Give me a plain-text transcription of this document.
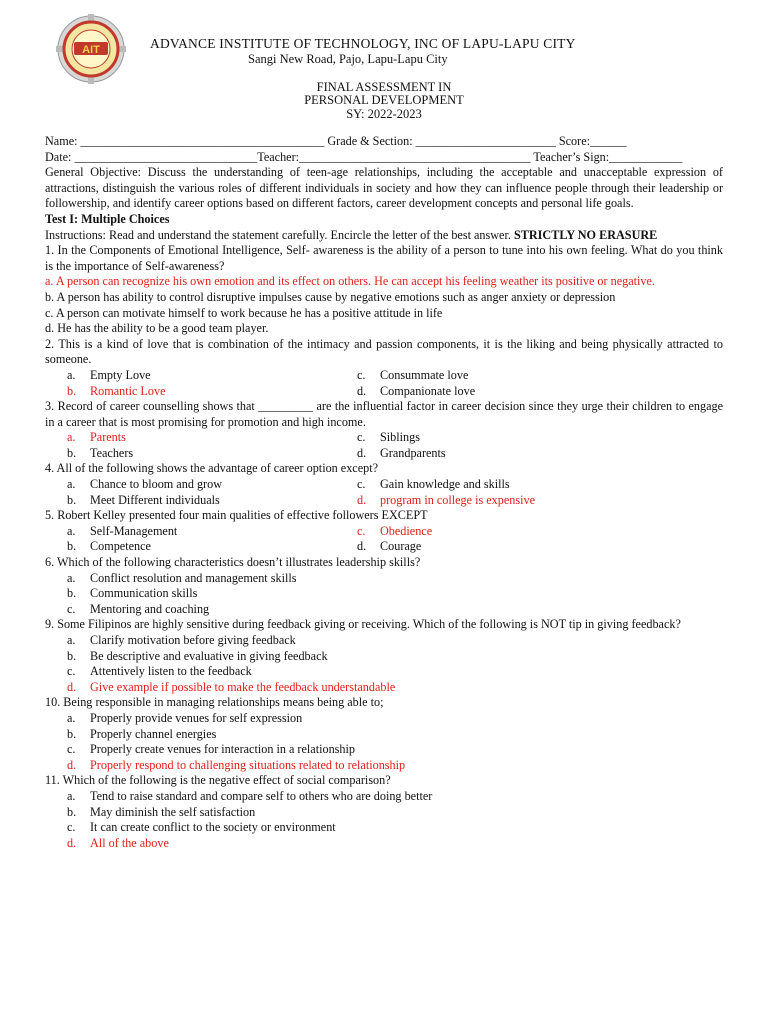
AIT	ADVANCE INSTITUTE OF TECHNOLOGY, INC OF LAPU-LAPU CITY
Sangi New Road, Pajo, Lapu-Lapu City
FINAL ASSESSMENT IN
PERSONAL DEVELOPMENT
SY: 2022-2023
Name: ________________________________________ Grade & Section: _______________________ Score:______
Date: ______________________________Teacher:______________________________________ Teacher’s Sign:____________
General Objective: Discuss the understanding of teen-age relationships, including the acceptable and unacceptable expression of attractions, distinguish the various roles of different individuals in society and how they can influence people through their leadership or followership, and identify career options based on different factors, career development concepts and personal life goals.
Test I: Multiple Choices
Instructions: Read and understand the statement carefully. Encircle the letter of the best answer. STRICTLY NO ERASURE
1. In the Components of Emotional Intelligence, Self- awareness is the ability of a person to tune into his own feeling. What do you think is the importance of Self-awareness?
a. A person can recognize his own emotion and its effect on others. He can accept his feeling weather its positive or negative.
b. A person has ability to control disruptive impulses cause by negative emotions such as anger anxiety or depression
c. A person can motivate himself to work because he has a positive attitude in life
d. He has the ability to be a good team player.
2. This is a kind of love that is combination of the intimacy and passion components, it is the liking and being physically attracted to someone.
a.	Empty Love	c.	Consummate love
b.	Romantic Love	d.	Companionate love
3. Record of career counselling shows that _________ are the influential factor in career decision since they urge their children to engage in a career that is most promising for promotion and high income.
a.	Parents	c.	Siblings
b.	Teachers	d.	Grandparents
4. All of the following shows the advantage of career option except?
a.	Chance to bloom and grow	c.	Gain knowledge and skills
b.	Meet Different individuals	d.	program in college is expensive
5. Robert Kelley presented four main qualities of effective followers EXCEPT
a.	Self-Management	c.	Obedience
b.	Competence	d.	Courage
6. Which of the following characteristics doesn’t illustrates leadership skills?
a.	Conflict resolution and management skills
b.	Communication skills
c.	Mentoring and coaching
9. Some Filipinos are highly sensitive during feedback giving or receiving. Which of the following is NOT tip in giving feedback?
a.	Clarify motivation before giving feedback
b.	Be descriptive and evaluative in giving feedback
c.	Attentively listen to the feedback
d.	Give example if possible to make the feedback understandable
10. Being responsible in managing relationships means being able to;
a.	Properly provide venues for self expression
b.	Properly channel energies
c.	Properly create venues for interaction in a relationship
d.	Properly respond to challenging situations related to relationship
11. Which of the following is the negative effect of social comparison?
a.	Tend to raise standard and compare self to others who are doing better
b.	May diminish the self satisfaction
c.	It can create conflict to the society or environment
d.	All of the above
